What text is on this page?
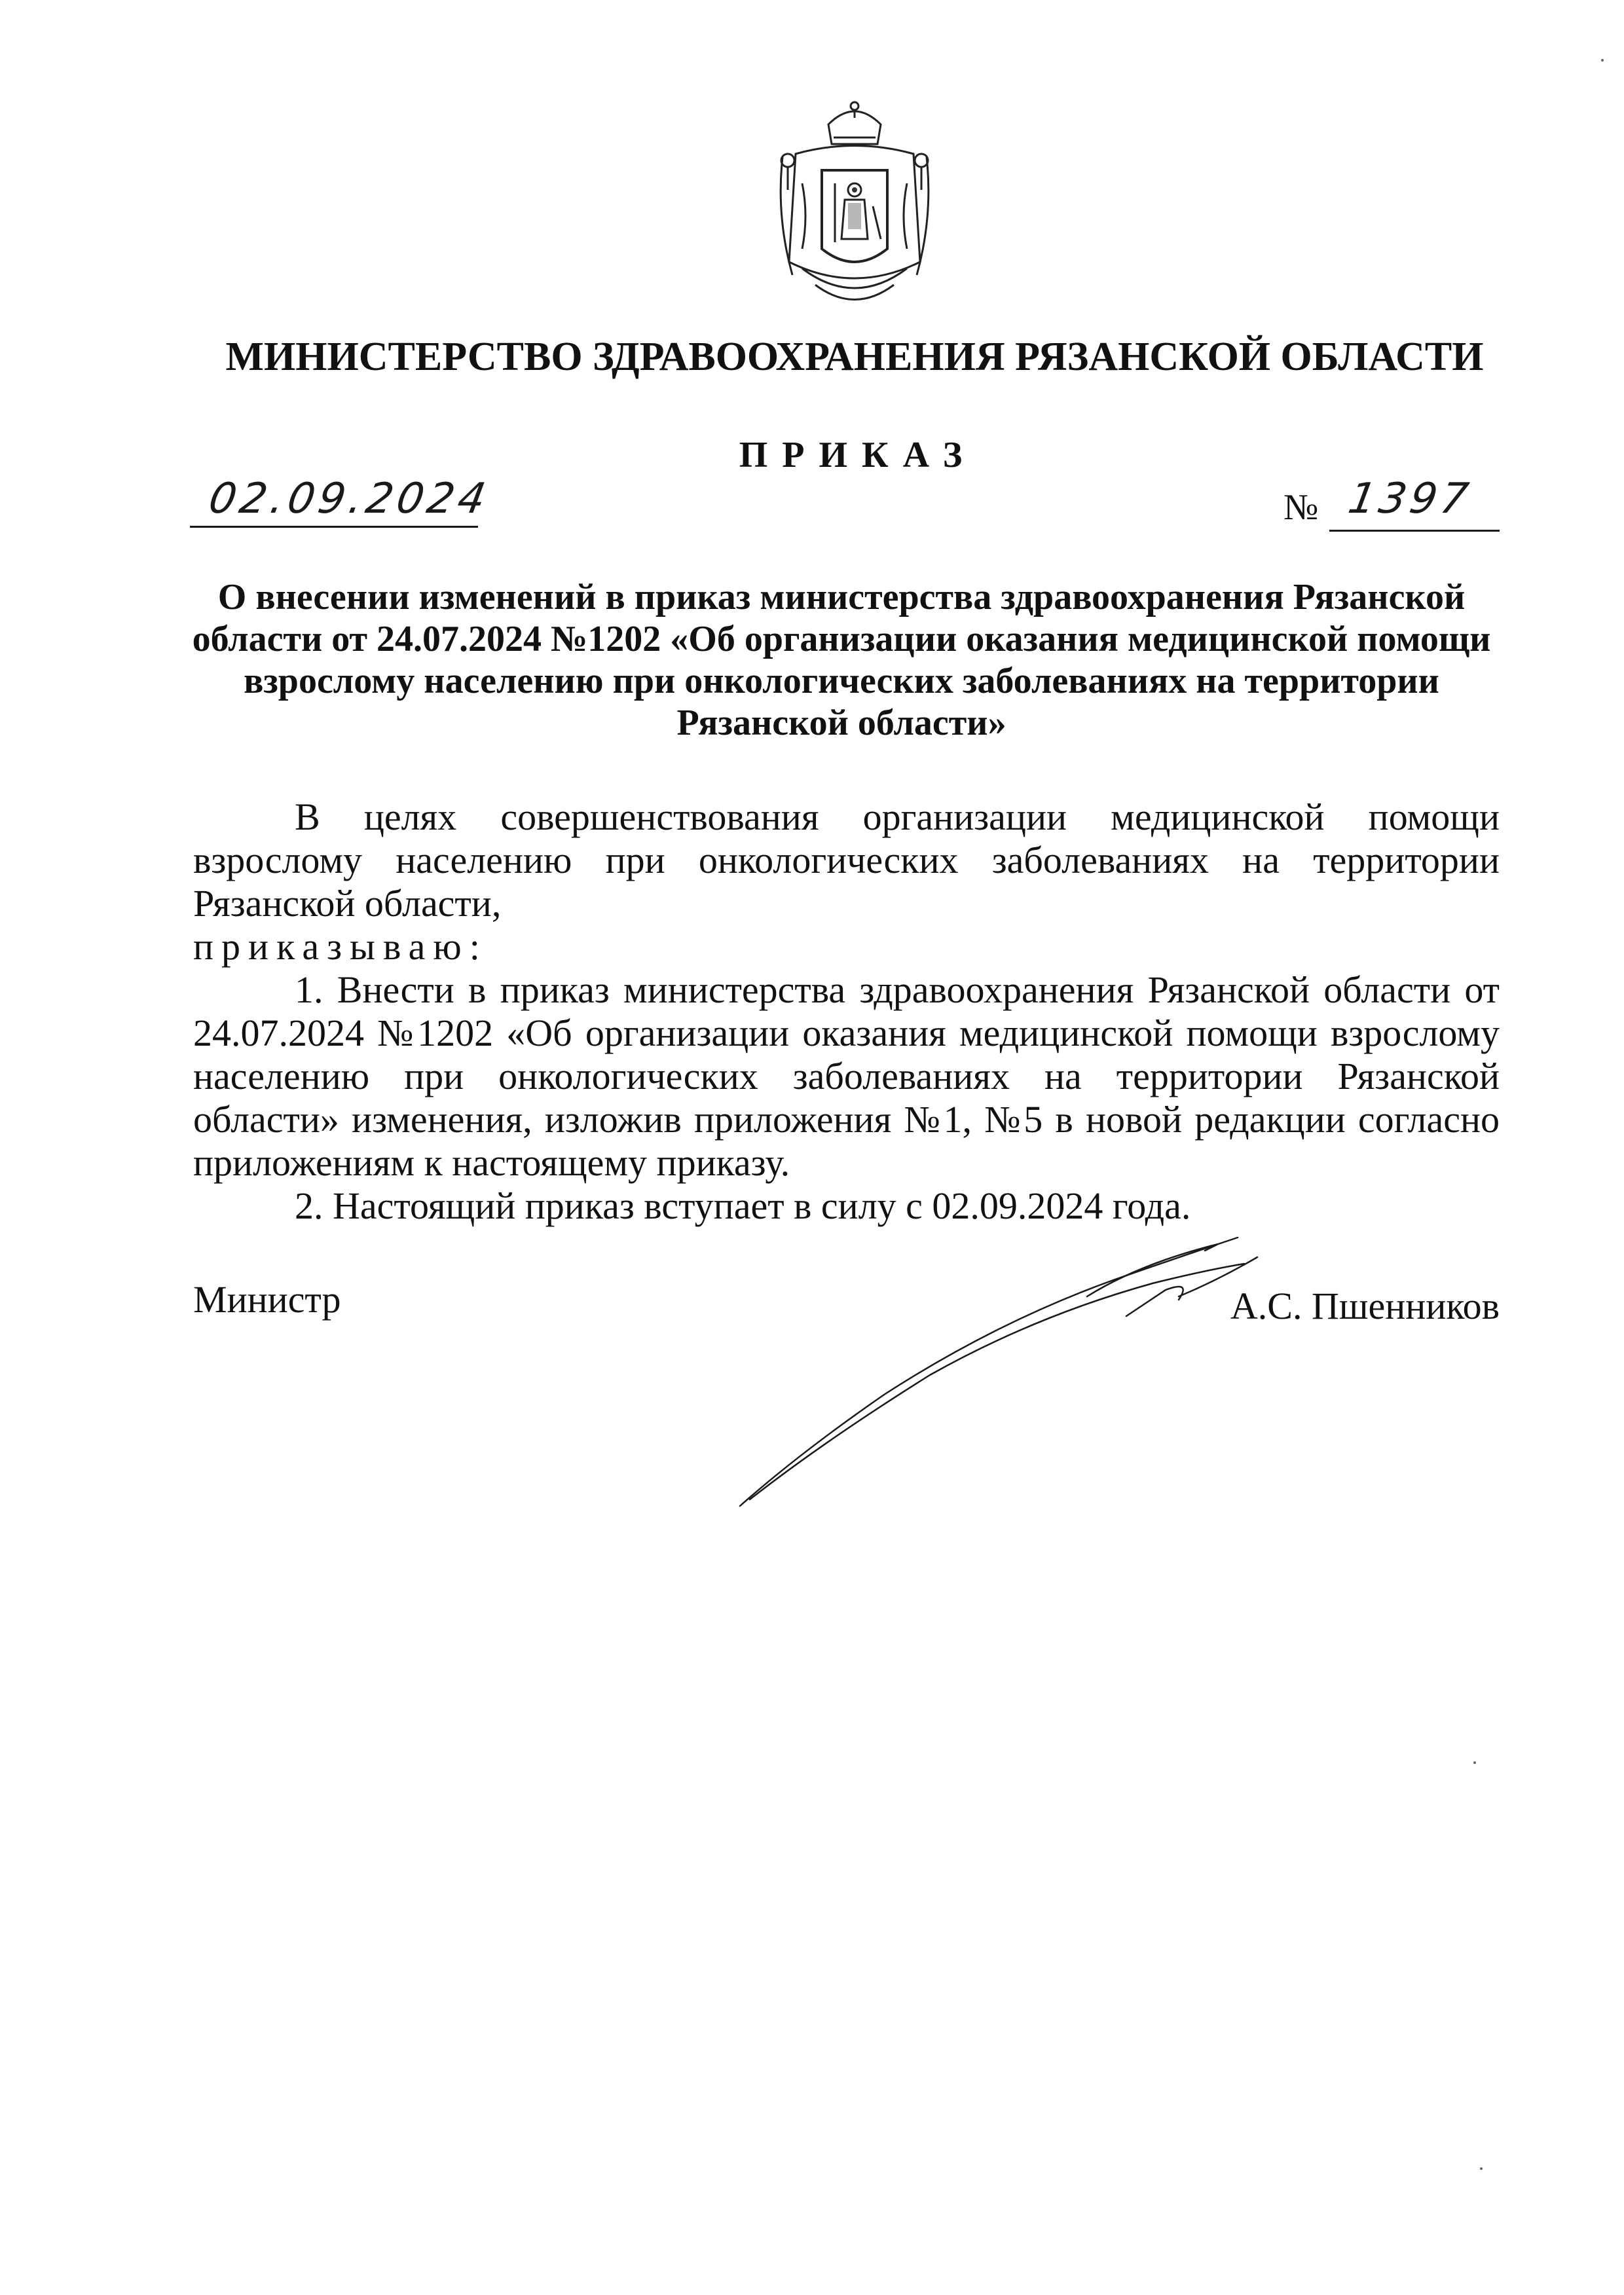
МИНИСТЕРСТВО ЗДРАВООХРАНЕНИЯ РЯЗАНСКОЙ ОБЛАСТИ
ПРИКАЗ
02.09.2024	№ 1397
О внесении изменений в приказ министерства здравоохранения Рязанской области от 24.07.2024 №1202 «Об организации оказания медицинской помощи взрослому населению при онкологических заболеваниях на территории Рязанской области»

В целях совершенствования организации медицинской помощи взрослому населению при онкологических заболеваниях на территории Рязанской области,
приказываю:

1. Внести в приказ министерства здравоохранения Рязанской области от 24.07.2024 №1202 «Об организации оказания медицинской помощи взрослому населению при онкологических заболеваниях на территории Рязанской области» изменения, изложив приложения №1, №5 в новой редакции согласно приложениям к настоящему приказу.

2. Настоящий приказ вступает в силу с 02.09.2024 года.

Министр	А.С. Пшенников
